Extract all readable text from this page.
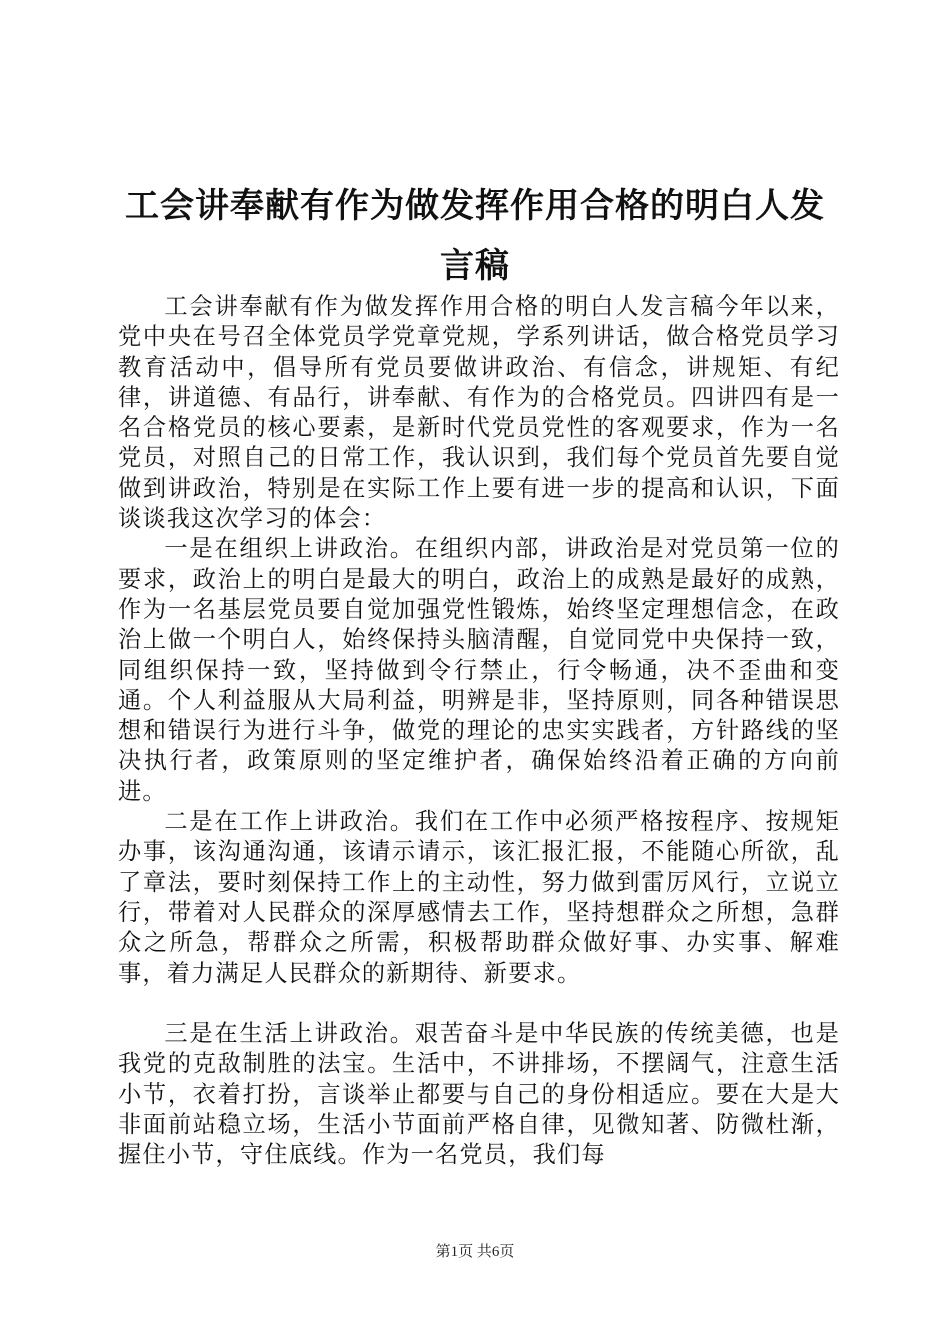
工会讲奉献有作为做发挥作用合格的明白人发言稿

工会讲奉献有作为做发挥作用合格的明白人发言稿今年以来，党中央在号召全体党员学党章党规，学系列讲话，做合格党员学习教育活动中，倡导所有党员要做讲政治、有信念，讲规矩、有纪律，讲道德、有品行，讲奉献、有作为的合格党员。四讲四有是一名合格党员的核心要素，是新时代党员党性的客观要求，作为一名党员，对照自己的日常工作，我认识到，我们每个党员首先要自觉做到讲政治，特别是在实际工作上要有进一步的提高和认识，下面谈谈我这次学习的体会：

一是在组织上讲政治。在组织内部，讲政治是对党员第一位的要求，政治上的明白是最大的明白，政治上的成熟是最好的成熟，作为一名基层党员要自觉加强党性锻炼，始终坚定理想信念，在政治上做一个明白人，始终保持头脑清醒，自觉同党中央保持一致，同组织保持一致，坚持做到令行禁止，行令畅通，决不歪曲和变通。个人利益服从大局利益，明辨是非，坚持原则，同各种错误思想和错误行为进行斗争，做党的理论的忠实实践者，方针路线的坚决执行者，政策原则的坚定维护者，确保始终沿着正确的方向前进。

二是在工作上讲政治。我们在工作中必须严格按程序、按规矩办事，该沟通沟通，该请示请示，该汇报汇报，不能随心所欲，乱了章法，要时刻保持工作上的主动性，努力做到雷厉风行，立说立行，带着对人民群众的深厚感情去工作，坚持想群众之所想，急群众之所急，帮群众之所需，积极帮助群众做好事、办实事、解难事，着力满足人民群众的新期待、新要求。

三是在生活上讲政治。艰苦奋斗是中华民族的传统美德，也是我党的克敌制胜的法宝。生活中，不讲排场，不摆阔气，注意生活小节，衣着打扮，言谈举止都要与自己的身份相适应。要在大是大非面前站稳立场，生活小节面前严格自律，见微知著、防微杜渐，握住小节，守住底线。作为一名党员，我们每

第1页 共6页
